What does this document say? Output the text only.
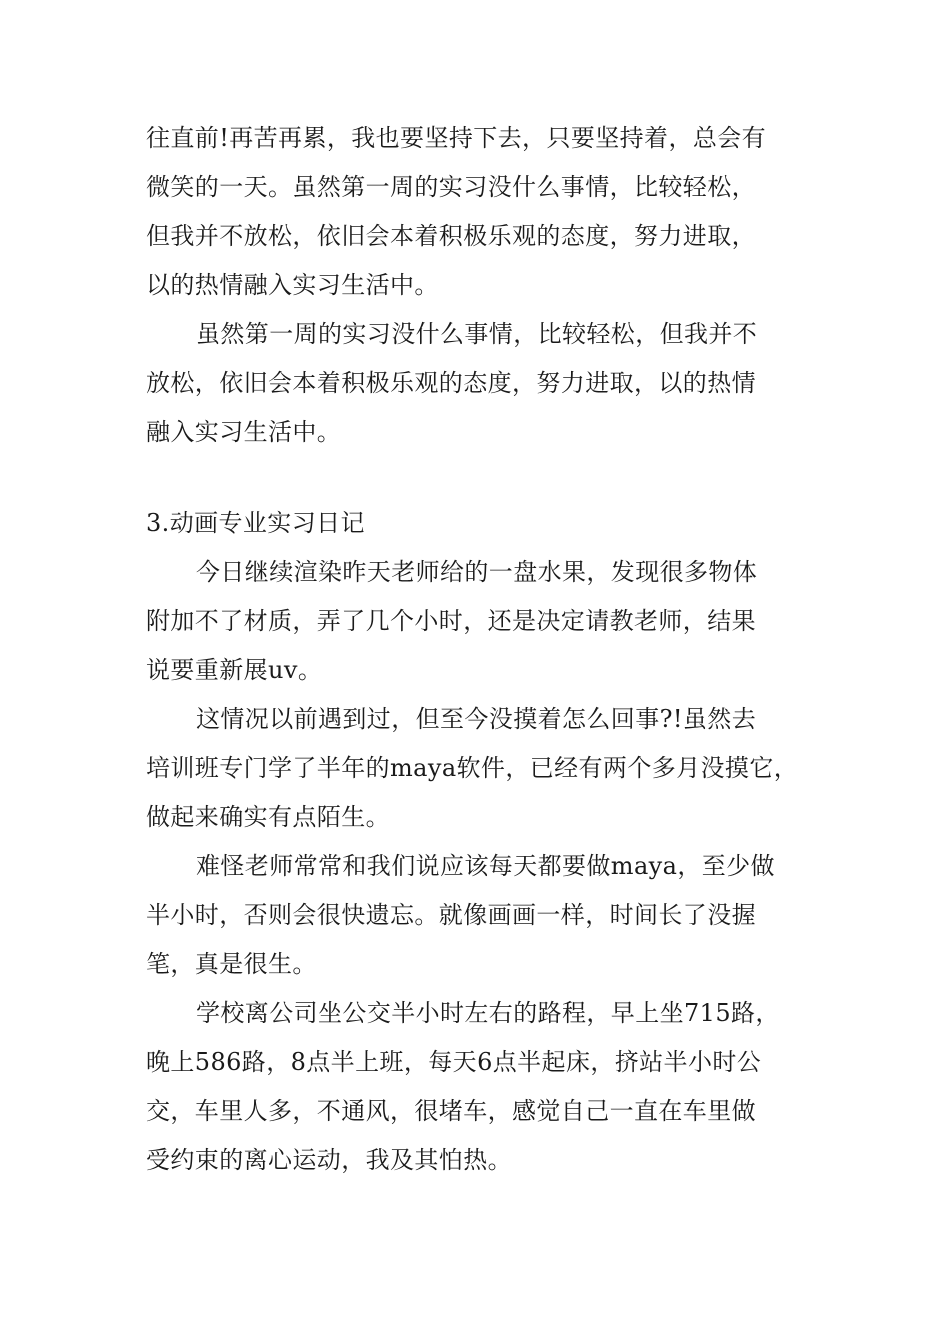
往直前!再苦再累，我也要坚持下去，只要坚持着，总会有
微笑的一天。虽然第一周的实习没什么事情，比较轻松，
但我并不放松，依旧会本着积极乐观的态度，努力进取，
以的热情融入实习生活中。
虽然第一周的实习没什么事情，比较轻松，但我并不
放松，依旧会本着积极乐观的态度，努力进取，以的热情
融入实习生活中。
3.动画专业实习日记
今日继续渲染昨天老师给的一盘水果，发现很多物体
附加不了材质，弄了几个小时，还是决定请教老师，结果
说要重新展uv。
这情况以前遇到过，但至今没摸着怎么回事?!虽然去
培训班专门学了半年的maya软件，已经有两个多月没摸它，
做起来确实有点陌生。
难怪老师常常和我们说应该每天都要做maya，至少做
半小时，否则会很快遗忘。就像画画一样，时间长了没握
笔，真是很生。
学校离公司坐公交半小时左右的路程，早上坐715路，
晚上586路，8点半上班，每天6点半起床，挤站半小时公
交，车里人多，不通风，很堵车，感觉自己一直在车里做
受约束的离心运动，我及其怕热。
